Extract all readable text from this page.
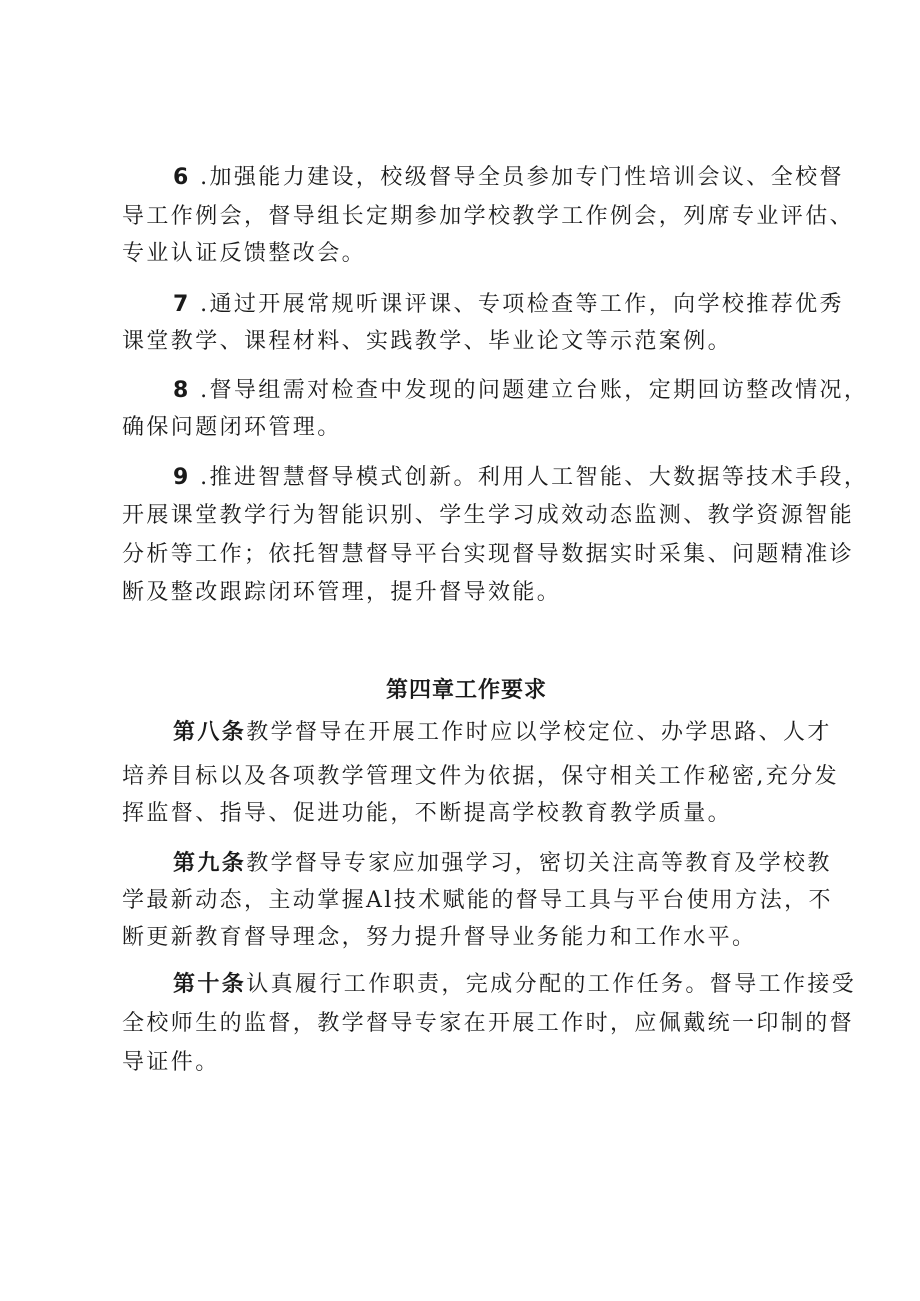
6 .加强能力建设，校级督导全员参加专门性培训会议、全校督
导工作例会，督导组长定期参加学校教学工作例会，列席专业评估、
专业认证反馈整改会。
7 .通过开展常规听课评课、专项检查等工作，向学校推荐优秀
课堂教学、课程材料、实践教学、毕业论文等示范案例。
8 .督导组需对检查中发现的问题建立台账，定期回访整改情况，
确保问题闭环管理。
9 .推进智慧督导模式创新。利用人工智能、大数据等技术手段，
开展课堂教学行为智能识别、学生学习成效动态监测、教学资源智能
分析等工作；依托智慧督导平台实现督导数据实时采集、问题精准诊
断及整改跟踪闭环管理，提升督导效能。
第四章工作要求
第八条教学督导在开展工作时应以学校定位、办学思路、人才
培养目标以及各项教学管理文件为依据，保守相关工作秘密,充分发
挥监督、指导、促进功能，不断提高学校教育教学质量。
第九条教学督导专家应加强学习，密切关注高等教育及学校教
学最新动态，主动掌握Al技术赋能的督导工具与平台使用方法，不
断更新教育督导理念，努力提升督导业务能力和工作水平。
第十条认真履行工作职责，完成分配的工作任务。督导工作接受
全校师生的监督，教学督导专家在开展工作时，应佩戴统一印制的督
导证件。
